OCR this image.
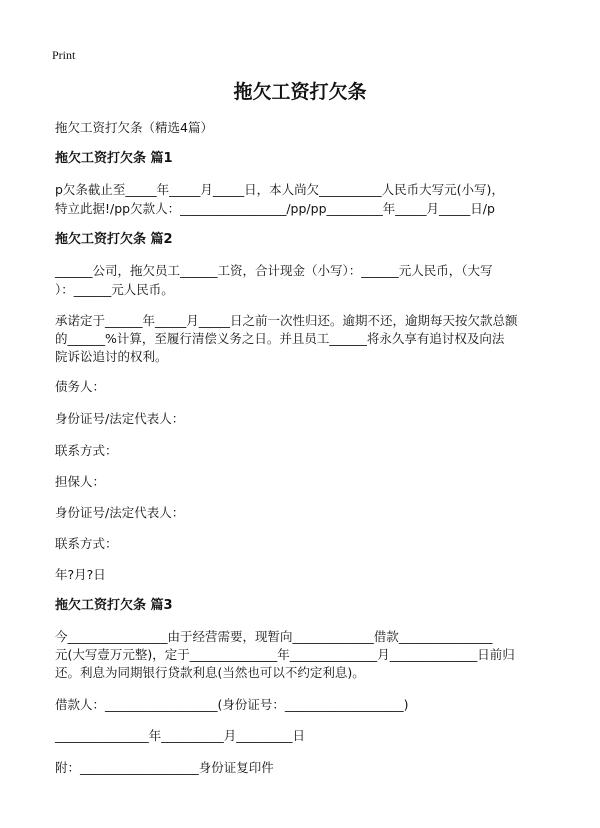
Print
拖欠工资打欠条
拖欠工资打欠条（精选4篇）
拖欠工资打欠条 篇1
p欠条截止至_____年_____月_____日，本人尚欠__________人民币大写元(小写)，
特立此据!/pp欠款人：_________________/pp/pp_________年_____月_____日/p
拖欠工资打欠条 篇2
______公司，拖欠员工______工资，合计现金（小写）：______元人民币，（大写
）：______元人民币。
承诺定于______年_____月_____日之前一次性归还。逾期不还，逾期每天按欠款总额
的______%计算，至履行清偿义务之日。并且员工______将永久享有追讨权及向法
院诉讼追讨的权利。
债务人：
身份证号/法定代表人：
联系方式：
担保人：
身份证号/法定代表人：
联系方式：
年?月?日
拖欠工资打欠条 篇3
今________________由于经营需要，现暂向_____________借款_______________
元(大写壹万元整)，定于______________年______________月______________日前归
还。利息为同期银行贷款利息(当然也可以不约定利息)。
借款人：__________________(身份证号：___________________)
_______________年__________月_________日
附：___________________身份证复印件
